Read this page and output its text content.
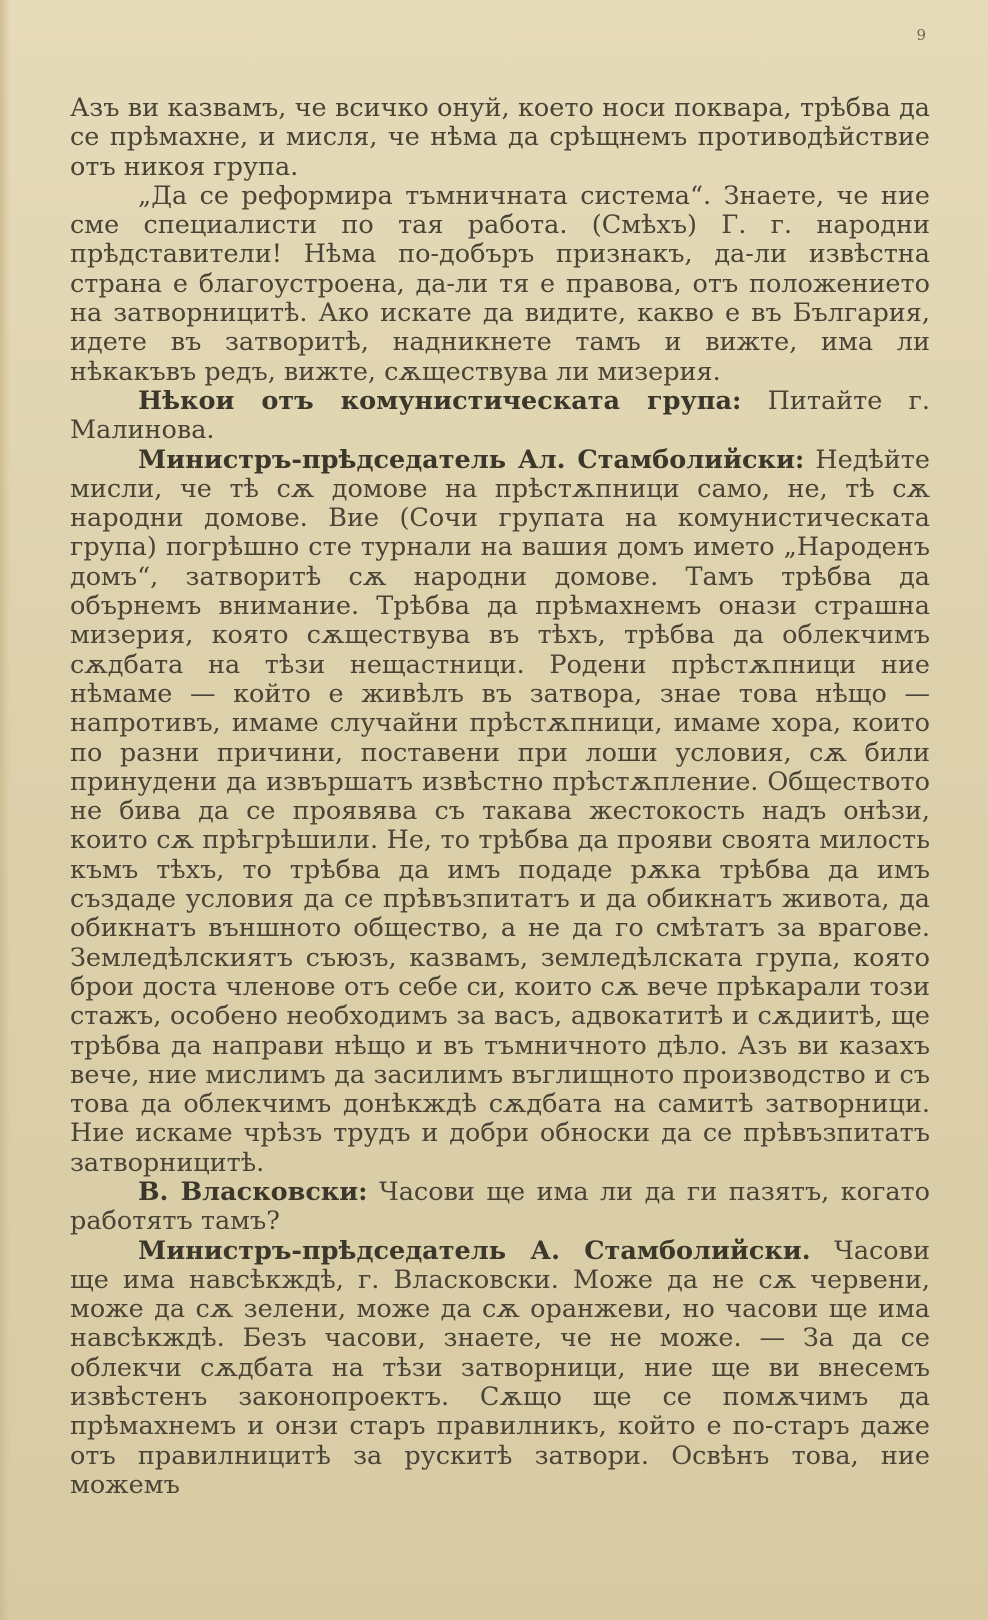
9

Азъ ви казвамъ, че всичко онуй, което носи поквара, трѣбва да се прѣмахне, и мисля, че нѣма да срѣщнемъ противодѣйствие отъ никоя група.

„Да се реформира тъмничната система“. Знаете, че ние сме специалисти по тая работа. (Смѣхъ) Г. г. народни прѣдставители! Нѣма по-добъръ признакъ, да-ли извѣстна страна е благоустроена, да-ли тя е правова, отъ положението на затворницитѣ. Ако искате да видите, какво е въ България, идете въ затворитѣ, надникнете тамъ и вижте, има ли нѣкакъвъ редъ, вижте, сѫществува ли мизерия.

Нѣкои отъ комунистическата група: Питайте г. Малинова.

Министръ-прѣдседатель Ал. Стамболийски: Недѣйте мисли, че тѣ сѫ домове на прѣстѫпници само, не, тѣ сѫ народни домове. Вие (Сочи групата на комунистическата група) погрѣшно сте турнали на вашия домъ името „Народенъ домъ“, затворитѣ сѫ народни домове. Тамъ трѣбва да обърнемъ внимание. Трѣбва да прѣмахнемъ онази страшна мизерия, която сѫществува въ тѣхъ, трѣбва да облекчимъ сѫдбата на тѣзи нещастници. Родени прѣстѫпници ние нѣмаме — който е живѣлъ въ затвора, знае това нѣщо — напротивъ, имаме случайни прѣстѫпници, имаме хора, които по разни причини, поставени при лоши условия, сѫ били принудени да извършатъ извѣстно прѣстѫпление. Обществото не бива да се проявява съ такава жестокость надъ онѣзи, които сѫ прѣгрѣшили. Не, то трѣбва да прояви своята милость къмъ тѣхъ, то трѣбва да имъ подаде рѫка трѣбва да имъ създаде условия да се прѣвъзпитатъ и да обикнатъ живота, да обикнатъ външното общество, а не да го смѣтатъ за врагове. Земледѣлскиятъ съюзъ, казвамъ, земледѣлската група, която брои доста членове отъ себе си, които сѫ вече прѣкарали този стажъ, особено необходимъ за васъ, адвокатитѣ и сѫдиитѣ, ще трѣбва да направи нѣщо и въ тъмничното дѣло. Азъ ви казахъ вече, ние мислимъ да засилимъ въглищното производство и съ това да облекчимъ донѣкждѣ сѫдбата на самитѣ затворници. Ние искаме чрѣзъ трудъ и добри обноски да се прѣвъзпитатъ затворницитѣ.

В. Власковски: Часови ще има ли да ги пазятъ, когато работятъ тамъ?

Министръ-прѣдседатель А. Стамболийски. Часови ще има навсѣкждѣ, г. Власковски. Може да не сѫ червени, може да сѫ зелени, може да сѫ оранжеви, но часови ще има навсѣкждѣ. Безъ часови, знаете, че не може. — За да се облекчи сѫдбата на тѣзи затворници, ние ще ви внесемъ извѣстенъ законопроектъ. Сѫщо ще се помѫчимъ да прѣмахнемъ и онзи старъ правилникъ, който е по-старъ даже отъ правилницитѣ за рускитѣ затвори. Освѣнъ това, ние можемъ
